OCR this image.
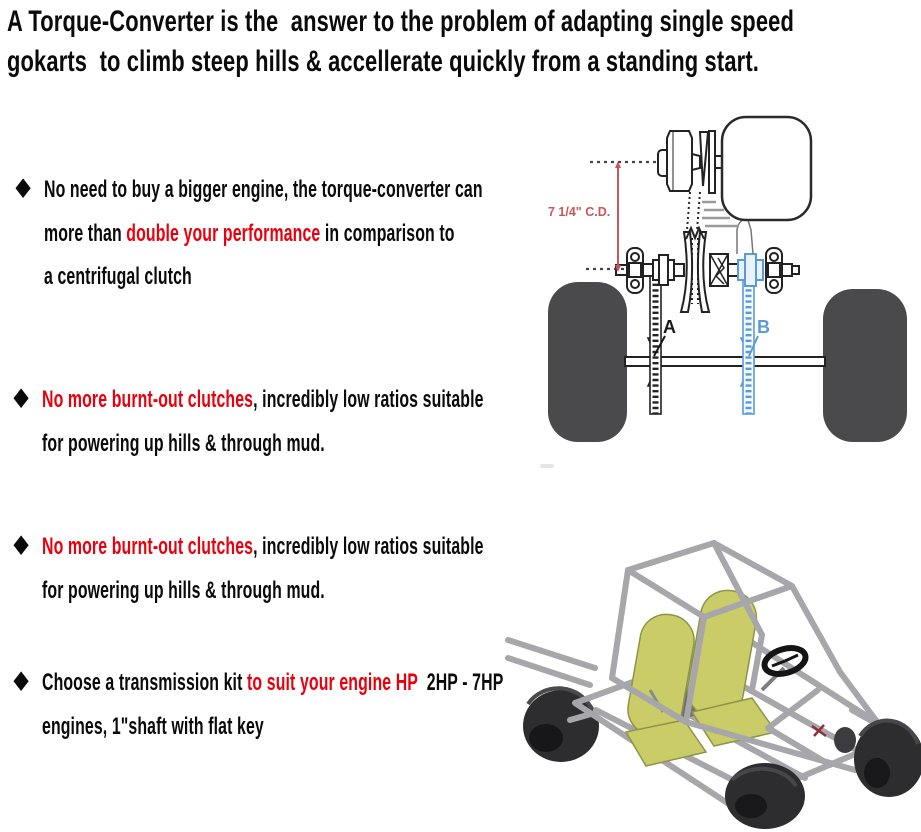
A Torque-Converter is the  answer to the problem of adapting single speed
gokarts  to climb steep hills & accellerate quickly from a standing start.
♦ No need to buy a bigger engine, the torque-converter can
more than double your performance in comparison to
a centrifugal clutch
♦ No more burnt-out clutches, incredibly low ratios suitable
for powering up hills & through mud.
♦ No more burnt-out clutches, incredibly low ratios suitable
for powering up hills & through mud.
♦ Choose a transmission kit to suit your engine HP  2HP - 7HP
engines, 1"shaft with flat key
7 1/4" C.D.
A	B
